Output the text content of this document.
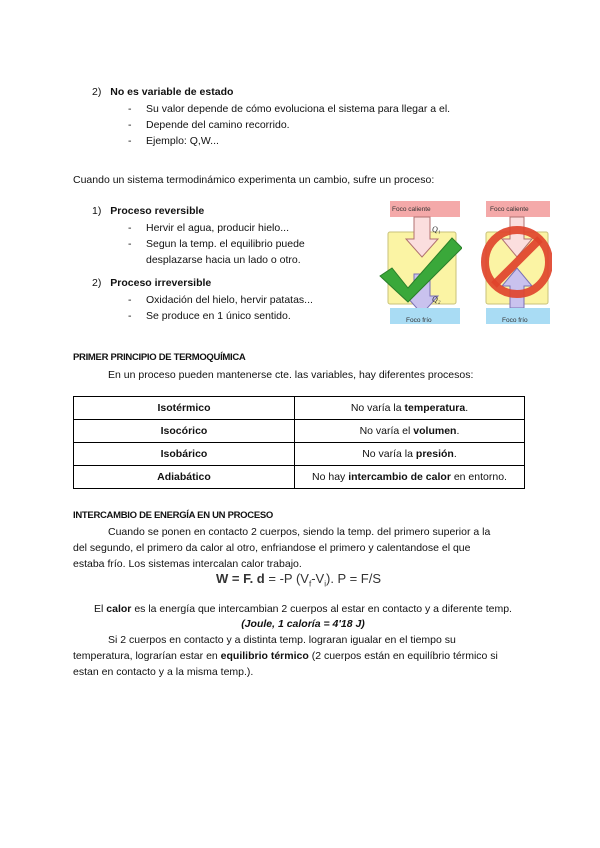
2) No es variable de estado
- Su valor depende de cómo evoluciona el sistema para llegar a el.
- Depende del camino recorrido.
- Ejemplo: Q,W...
Cuando un sistema termodinámico experimenta un cambio, sufre un proceso:
1) Proceso reversible
- Hervir el agua, producir hielo...
- Segun la temp. el equilibrio puede desplazarse hacia un lado o otro.
2) Proceso irreversible
- Oxidación del hielo, hervir patatas...
- Se produce en 1 único sentido.
Foco caliente
Q₁
Q₂
Foco frío
Foco caliente
Foco frío
PRIMER PRINCIPIO DE TERMOQUÍMICA
En un proceso pueden mantenerse cte. las variables, hay diferentes procesos:
Isotérmico	No varía la temperatura.
Isocórico	No varía el volumen.
Isobárico	No varía la presión.
Adiabático	No hay intercambio de calor en entorno.
INTERCAMBIO DE ENERGÍA EN UN PROCESO
Cuando se ponen en contacto 2 cuerpos, siendo la temp. del primero superior a la
del segundo, el primero da calor al otro, enfriandose el primero y calentandose el que
estaba frío. Los sistemas intercalan calor trabajo.
W = F. d = -P $(V_f-V_i)$. P = F/S
El calor es la energía que intercambian 2 cuerpos al estar en contacto y a diferente temp.
(Joule, 1 caloría = 4'18 J)
Si 2 cuerpos en contacto y a distinta temp. lograran igualar en el tiempo su
temperatura, lograrían estar en equilibrio térmico (2 cuerpos están en equilíbrio térmico si
estan en contacto y a la misma temp.).
